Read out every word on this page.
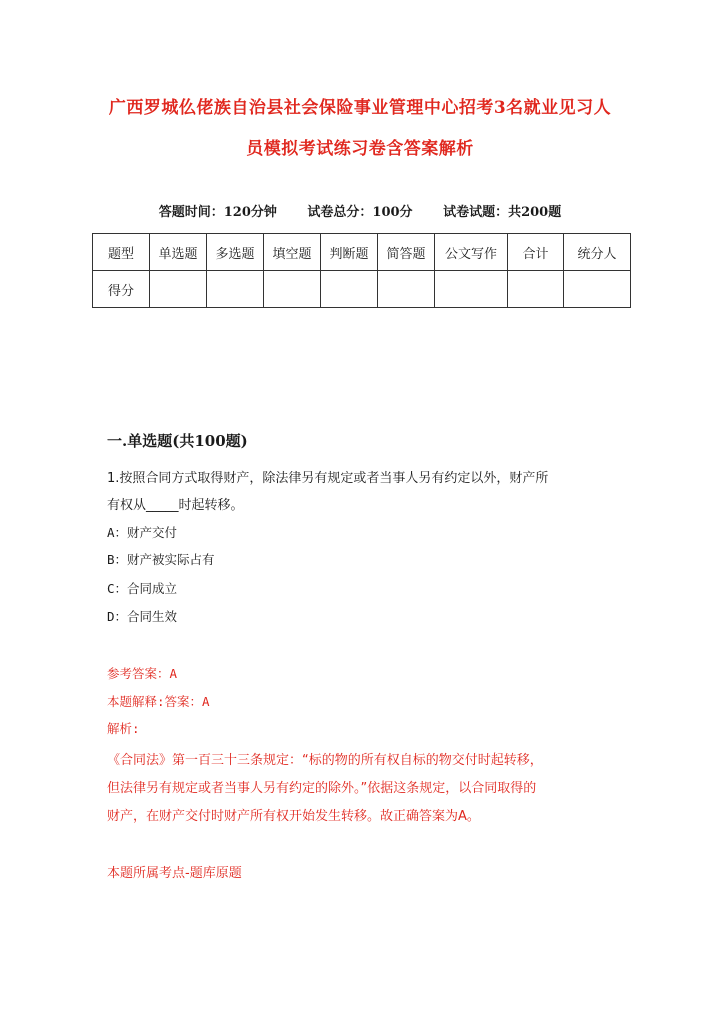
广西罗城仫佬族自治县社会保险事业管理中心招考3名就业见习人
员模拟考试练习卷含答案解析
答题时间：120分钟 试卷总分：100分 试卷试题：共200题
题型	单选题	多选题	填空题	判断题	简答题	公文写作	合计	统分人
得分								
一.单选题(共100题)
1.按照合同方式取得财产，除法律另有规定或者当事人另有约定以外，财产所
有权从_____时起转移。
A：财产交付
B：财产被实际占有
C：合同成立
D：合同生效
参考答案：A
本题解释:答案：A
解析:
《合同法》第一百三十三条规定：“标的物的所有权自标的物交付时起转移，
但法律另有规定或者当事人另有约定的除外。”依据这条规定，以合同取得的
财产，在财产交付时财产所有权开始发生转移。故正确答案为A。
本题所属考点-题库原题
